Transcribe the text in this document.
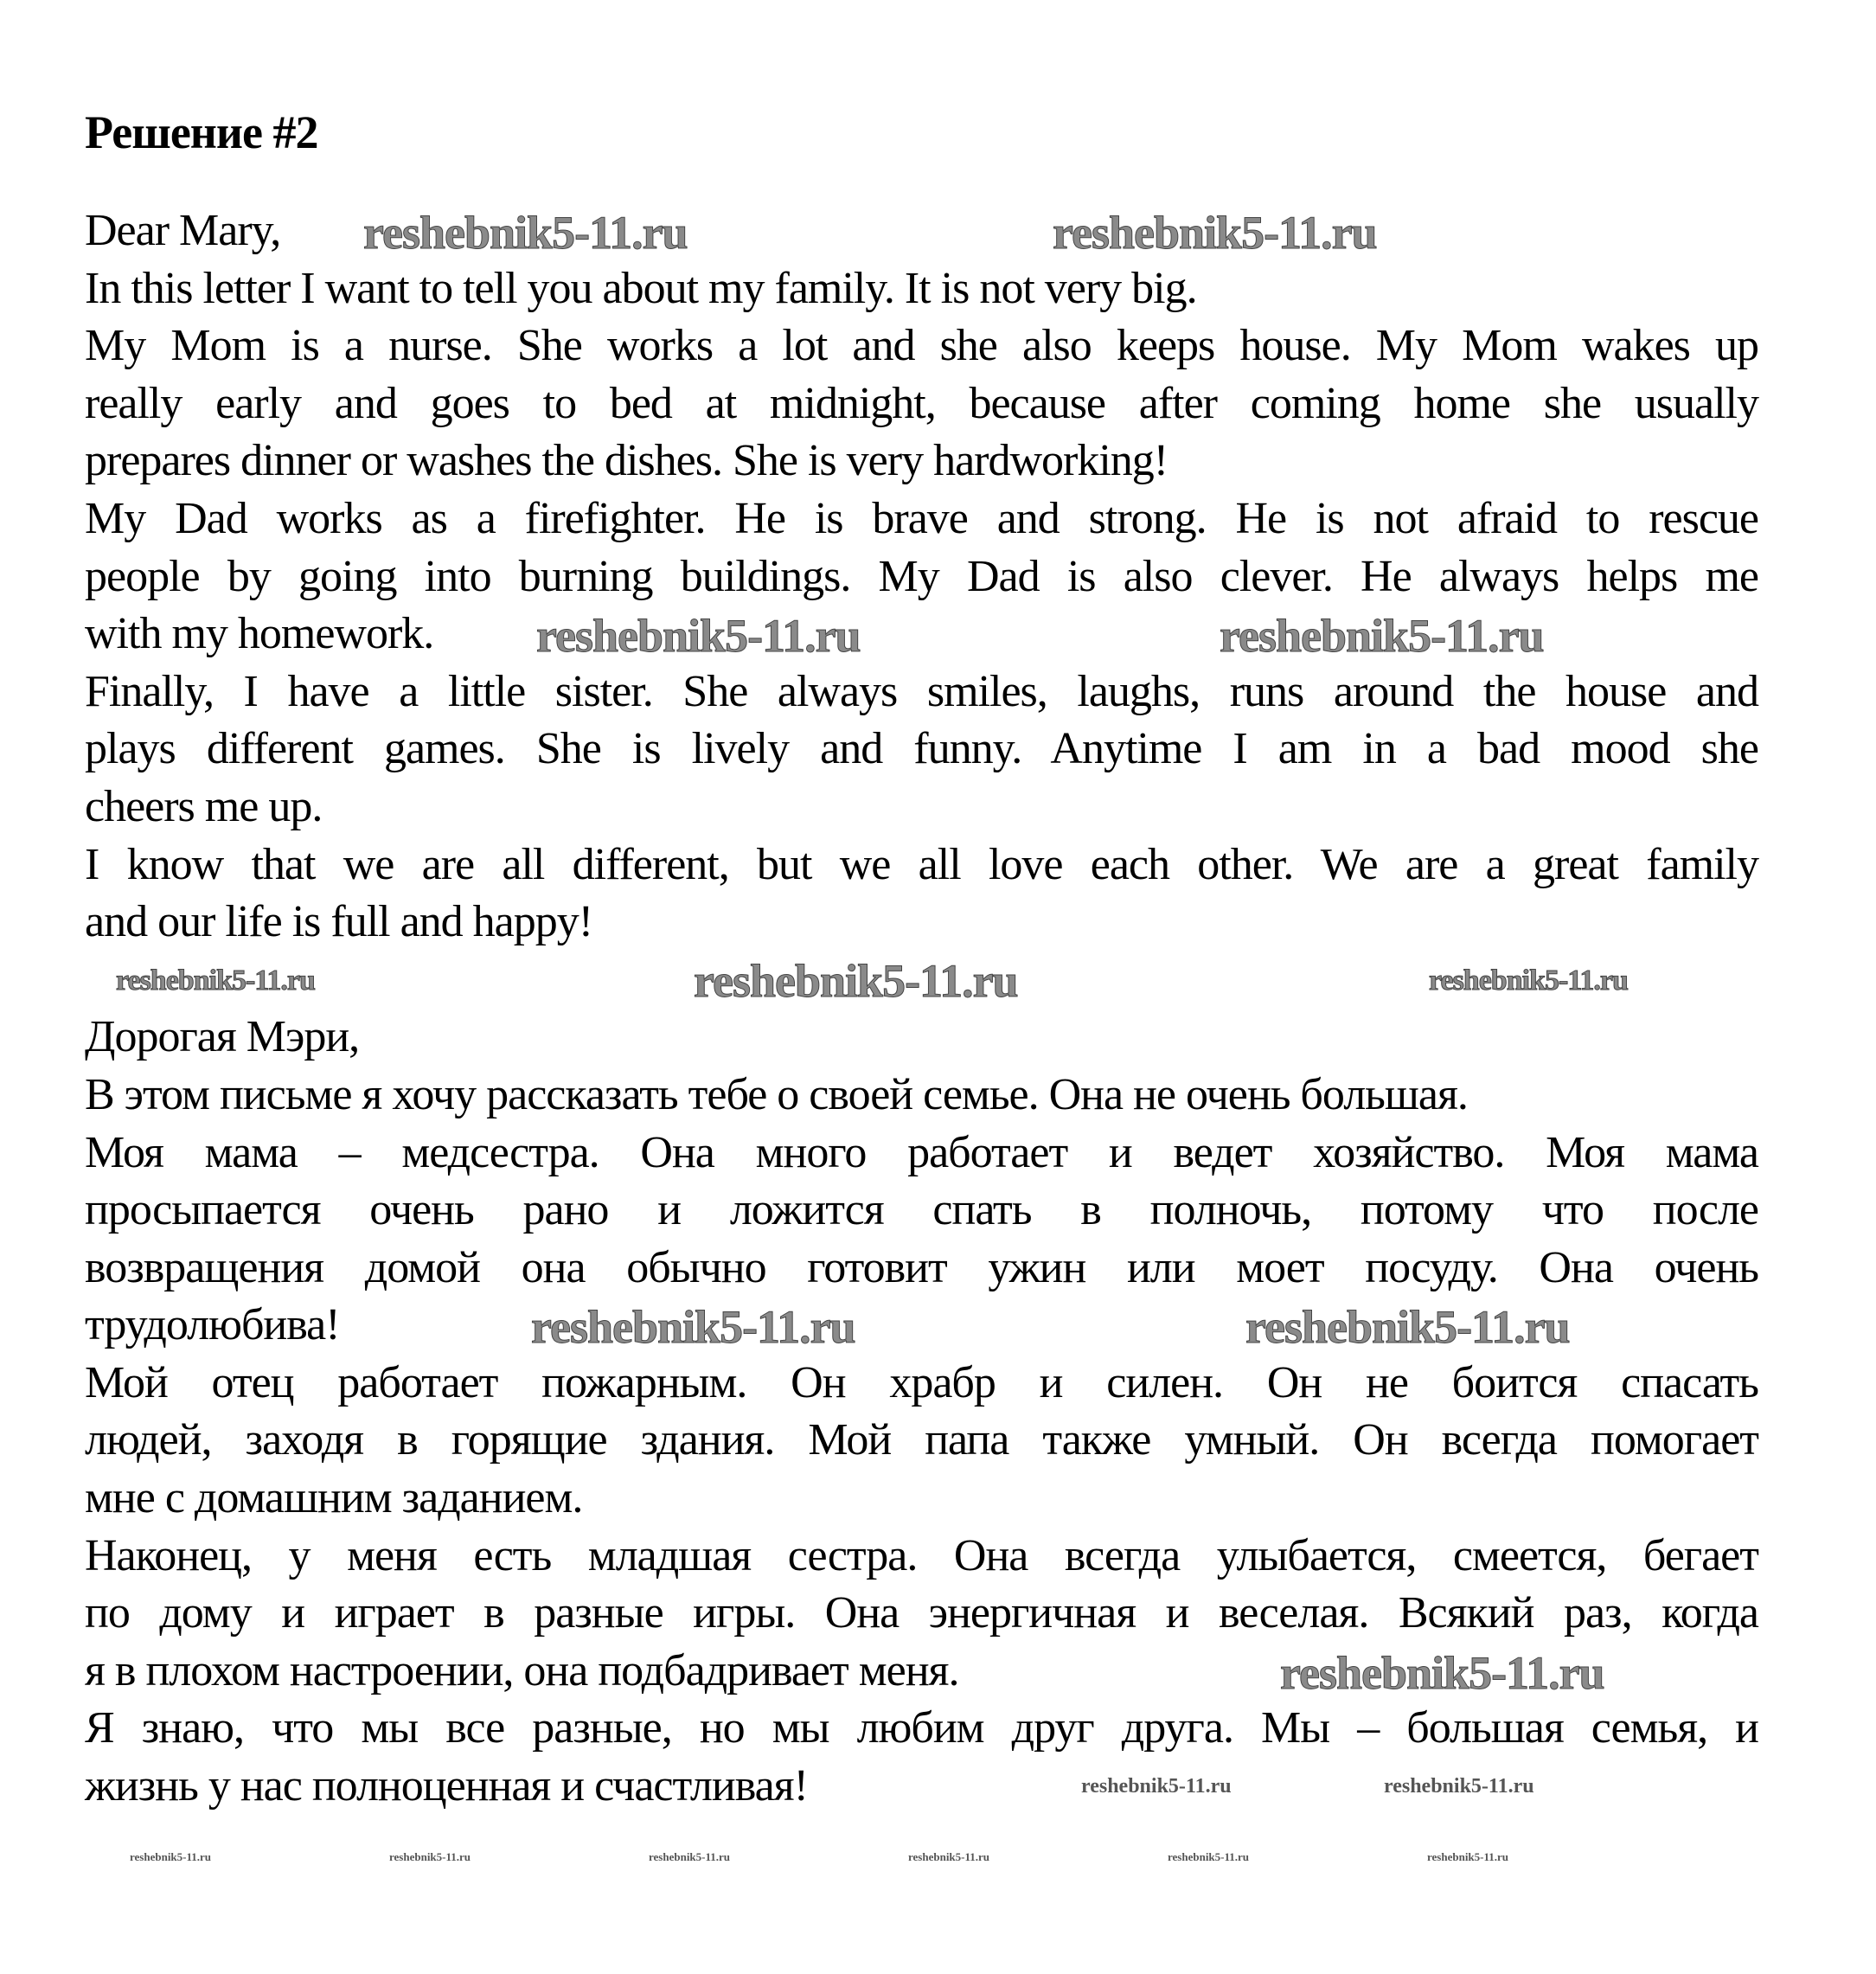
Решение #2
Dear Mary,
In this letter I want to tell you about my family. It is not very big.
My Mom is a nurse. She works a lot and she also keeps house. My Mom wakes up
really early and goes to bed at midnight, because after coming home she usually
prepares dinner or washes the dishes. She is very hardworking!
My Dad works as a firefighter. He is brave and strong. He is not afraid to rescue
people by going into burning buildings. My Dad is also clever. He always helps me
with my homework.
Finally, I have a little sister. She always smiles, laughs, runs around the house and
plays different games. She is lively and funny. Anytime I am in a bad mood she
cheers me up.
I know that we are all different, but we all love each other. We are a great family
and our life is full and happy!
Дорогая Мэри,
В этом письме я хочу рассказать тебе о своей семье. Она не очень большая.
Моя мама – медсестра. Она много работает и ведет хозяйство. Моя мама
просыпается очень рано и ложится спать в полночь, потому что после
возвращения домой она обычно готовит ужин или моет посуду. Она очень
трудолюбива!
Мой отец работает пожарным. Он храбр и силен. Он не боится спасать
людей, заходя в горящие здания. Мой папа также умный. Он всегда помогает
мне с домашним заданием.
Наконец, у меня есть младшая сестра. Она всегда улыбается, смеется, бегает
по дому и играет в разные игры. Она энергичная и веселая. Всякий раз, когда
я в плохом настроении, она подбадривает меня.
Я знаю, что мы все разные, но мы любим друг друга. Мы – большая семья, и
жизнь у нас полноценная и счастливая!
reshebnik5-11.ru	reshebnik5-11.ru
reshebnik5-11.ru	reshebnik5-11.ru
reshebnik5-11.ru	reshebnik5-11.ru
reshebnik5-11.ru
reshebnik5-11.ru	reshebnik5-11.ru
reshebnik5-11.ru
reshebnik5-11.ru	reshebnik5-11.ru
reshebnik5-11.ru	reshebnik5-11.ru	reshebnik5-11.ru	reshebnik5-11.ru	reshebnik5-11.ru	reshebnik5-11.ru
